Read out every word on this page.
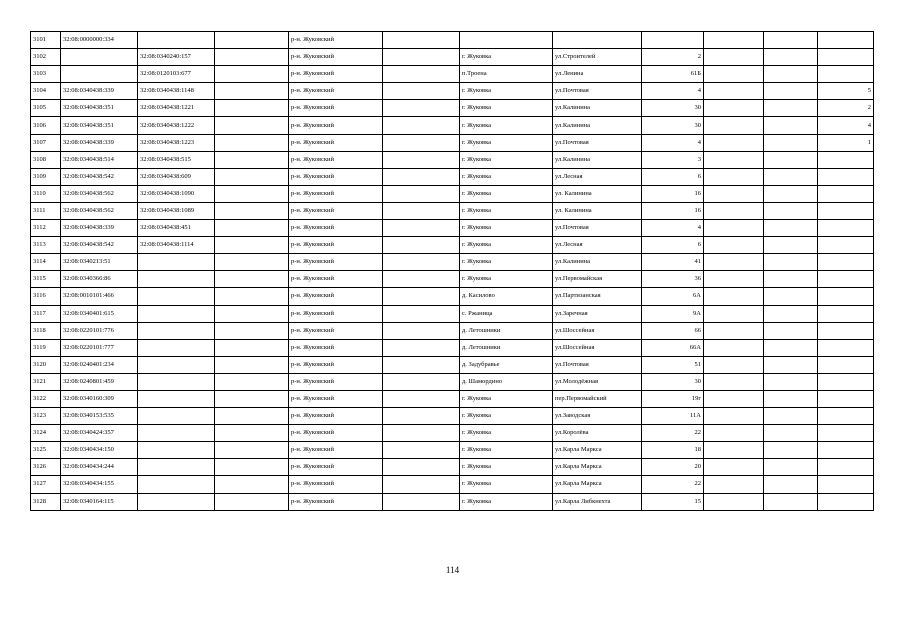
3101	32:08:0000000:334			р-н. Жуковский							
3102		32:08:0340240:157		р-н. Жуковский		г. Жуковка	ул.Строителей	2			
3103		32:08:0120103:677		р-н. Жуковский		п.Троена	ул.Ленина	61Б			
3104	32:08:0340438:339	32:08:0340438:1148		р-н. Жуковский		г. Жуковка	ул.Почтовая	4			5
3105	32:08:0340438:351	32:08:0340438:1221		р-н. Жуковский		г. Жуковка	ул.Калинина	30			2
3106	32:08:0340438:351	32:08:0340438:1222		р-н. Жуковский		г. Жуковка	ул.Калинина	30			4
3107	32:08:0340438:339	32:08:0340438:1223		р-н. Жуковский		г. Жуковка	ул.Почтовая	4			1
3108	32:08:0340438:514	32:08:0340438:515		р-н. Жуковский		г. Жуковка	ул.Калинина	3			
3109	32:08:0340438:542	32:08:0340438:609		р-н. Жуковский		г. Жуковка	ул.Лесная	6			
3110	32:08:0340438:562	32:08:0340438:1090		р-н. Жуковский		г. Жуковка	ул. Калинина	16			
3111	32:08:0340438:562	32:08:0340438:1089		р-н. Жуковский		г. Жуковка	ул. Калинина	16			
3112	32:08:0340438:339	32:08:0340438:451		р-н. Жуковский		г. Жуковка	ул.Почтовая	4			
3113	32:08:0340438:542	32:08:0340438:1114		р-н. Жуковский		г. Жуковка	ул.Лесная	6			
3114	32:08:0340213:51			р-н. Жуковский		г. Жуковка	ул.Калинина	41			
3115	32:08:0340366:86			р-н. Жуковский		г. Жуковка	ул.Первомайская	36			
3116	32:08:0010101:466			р-н. Жуковский		д. Касилово	ул.Партизанская	6А			
3117	32:08:0340401:615			р-н. Жуковский		с. Ржаница	ул.Заречная	9А			
3118	32:08:0220101:776			р-н. Жуковский		д. Летошники	ул.Шоссейная	66			
3119	32:08:0220101:777			р-н. Жуковский		д. Летошники	ул.Шоссейная	66А			
3120	32:08:0240401:234			р-н. Жуковский		д. Задубравье	ул.Почтовая	51			
3121	32:08:0240801:459			р-н. Жуковский		д. Шамордино	ул.Молодёжная	30			
3122	32:08:0340160:309			р-н. Жуковский		г. Жуковка	пер.Первомайский	19г			
3123	32:08:0340153:535			р-н. Жуковский		г. Жуковка	ул.Заводская	11А			
3124	32:08:0340424:357			р-н. Жуковский		г. Жуковка	ул.Королёва	22			
3125	32:08:0340434:150			р-н. Жуковский		г. Жуковка	ул.Карла Маркса	18			
3126	32:08:0340434:244			р-н. Жуковский		г. Жуковка	ул.Карла Маркса	20			
3127	32:08:0340434:155			р-н. Жуковский		г. Жуковка	ул.Карла Маркса	22			
3128	32:08:0340164:115			р-н. Жуковский		г. Жуковка	ул.Карла Либкнехта	15			
114
